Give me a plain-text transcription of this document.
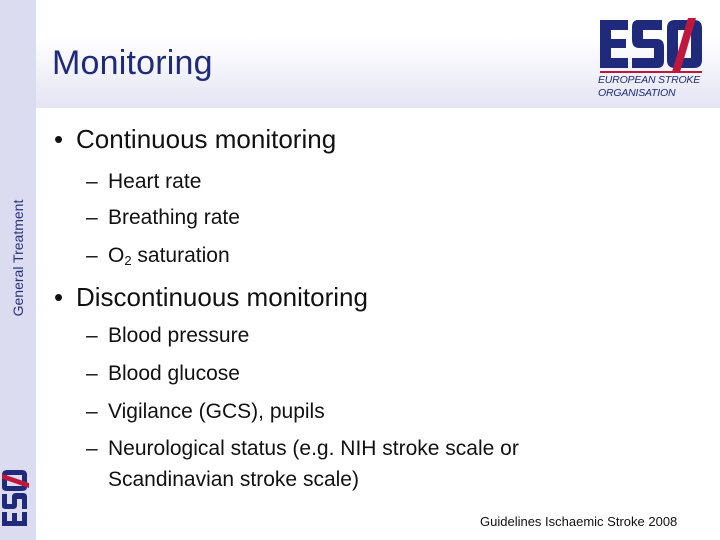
Monitoring
General Treatment
EUROPEAN STROKE
ORGANISATION
• Continuous monitoring
– Heart rate
– Breathing rate
– $O_2$ saturation
• Discontinuous monitoring
– Blood pressure
– Blood glucose
– Vigilance (GCS), pupils
– Neurological status (e.g. NIH stroke scale or
Scandinavian stroke scale)
Guidelines Ischaemic Stroke 2008
